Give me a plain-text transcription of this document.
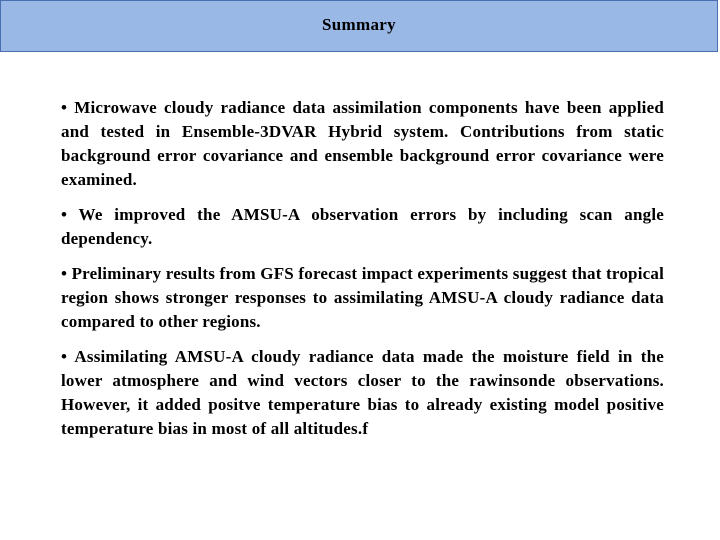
Summary

• Microwave cloudy radiance data assimilation components have been applied and tested in Ensemble-3DVAR Hybrid system. Contributions from static background error covariance and ensemble background error covariance were examined.

• We improved the AMSU-A observation errors by including scan angle dependency.

• Preliminary results from GFS forecast impact experiments suggest that tropical region shows stronger responses to assimilating AMSU-A cloudy radiance data compared to other regions.

• Assimilating AMSU-A cloudy radiance data made the moisture field in the lower atmosphere and wind vectors closer to the rawinsonde observations. However, it added positve temperature bias to already existing model positive temperature bias in most of all altitudes.f
